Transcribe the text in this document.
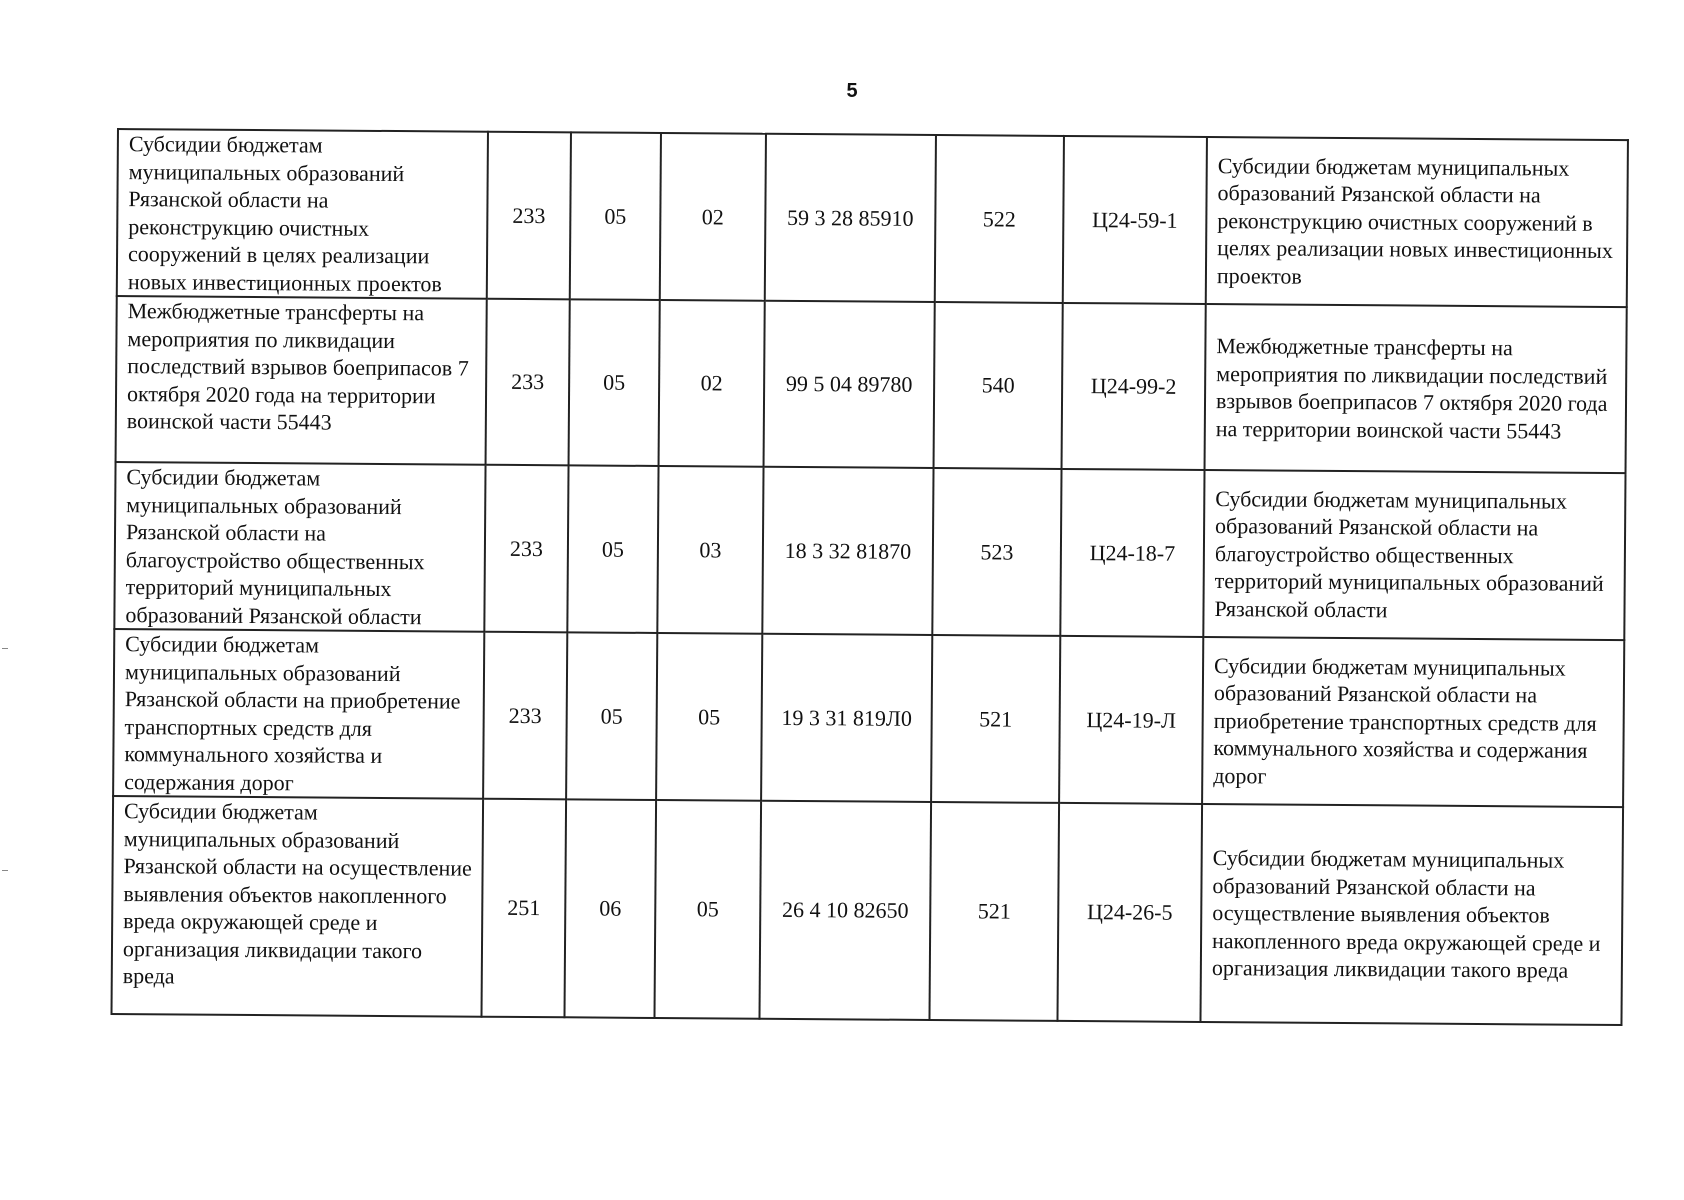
5
Субсидии бюджетам муниципальных образований Рязанской области на реконструкцию очистных сооружений в целях реализации новых инвестиционных проектов	233	05	02	59 3 28 85910	522	Ц24-59-1	Субсидии бюджетам муниципальных образований Рязанской области на реконструкцию очистных сооружений в целях реализации новых инвестиционных проектов
Межбюджетные трансферты на мероприятия по ликвидации последствий взрывов боеприпасов 7 октября 2020 года на территории воинской части 55443	233	05	02	99 5 04 89780	540	Ц24-99-2	Межбюджетные трансферты на мероприятия по ликвидации последствий взрывов боеприпасов 7 октября 2020 года на территории воинской части 55443
Субсидии бюджетам муниципальных образований Рязанской области на благоустройство общественных территорий муниципальных образований Рязанской области	233	05	03	18 3 32 81870	523	Ц24-18-7	Субсидии бюджетам муниципальных образований Рязанской области на благоустройство общественных территорий муниципальных образований Рязанской области
Субсидии бюджетам муниципальных образований Рязанской области на приобретение транспортных средств для коммунального хозяйства и содержания дорог	233	05	05	19 3 31 819Л0	521	Ц24-19-Л	Субсидии бюджетам муниципальных образований Рязанской области на приобретение транспортных средств для коммунального хозяйства и содержания дорог
Субсидии бюджетам муниципальных образований Рязанской области на осуществление выявления объектов накопленного вреда окружающей среде и организация ликвидации такого вреда	251	06	05	26 4 10 82650	521	Ц24-26-5	Субсидии бюджетам муниципальных образований Рязанской области на осуществление выявления объектов накопленного вреда окружающей среде и организация ликвидации такого вреда
